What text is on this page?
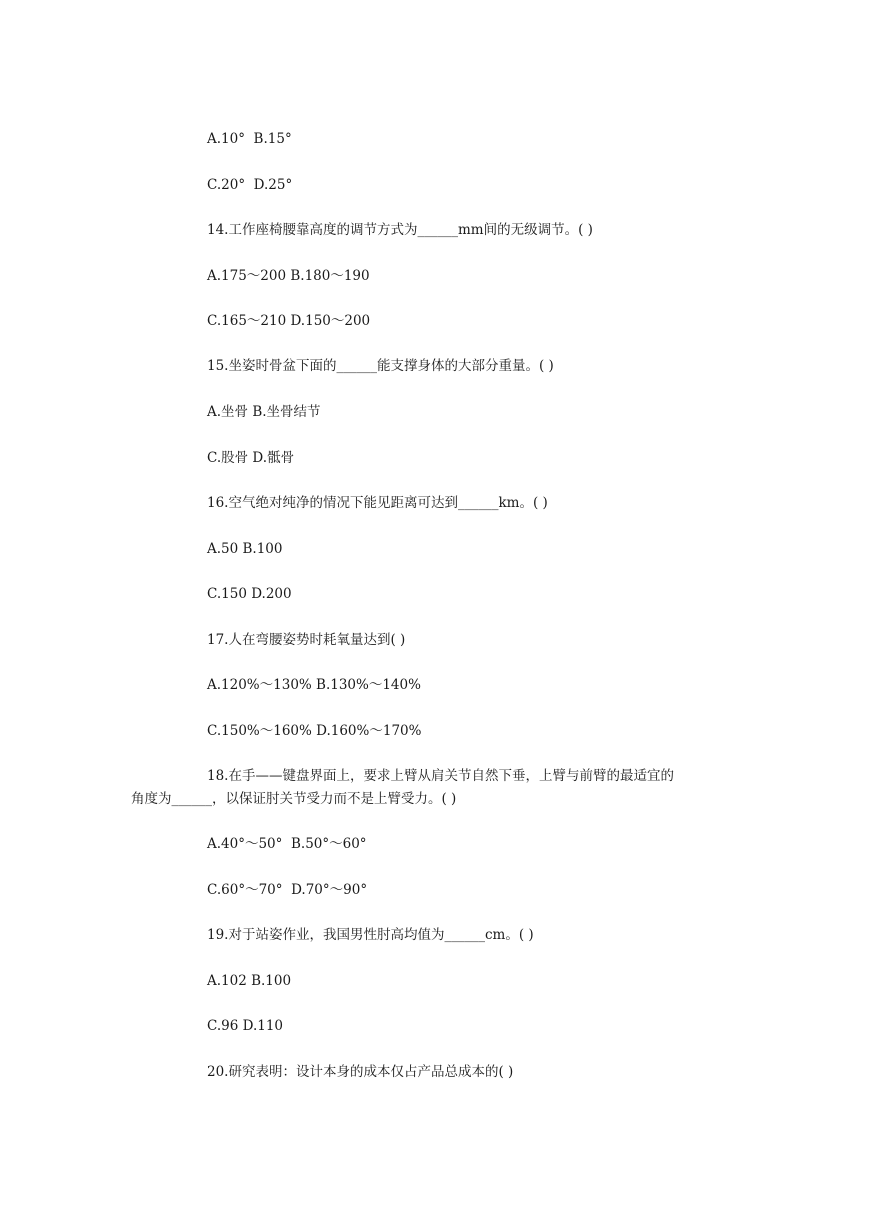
A.10°  B.15°
C.20°  D.25°
14.工作座椅腰靠高度的调节方式为______mm间的无级调节。( )
A.175～200 B.180～190
C.165～210 D.150～200
15.坐姿时骨盆下面的______能支撑身体的大部分重量。( )
A.坐骨 B.坐骨结节
C.股骨 D.骶骨
16.空气绝对纯净的情况下能见距离可达到______km。( )
A.50 B.100
C.150 D.200
17.人在弯腰姿势时耗氧量达到( )
A.120%～130% B.130%～140%
C.150%～160% D.160%～170%
18.在手——键盘界面上，要求上臂从肩关节自然下垂，上臂与前臂的最适宜的
角度为______，以保证肘关节受力而不是上臂受力。( )
A.40°～50°  B.50°～60°
C.60°～70°  D.70°～90°
19.对于站姿作业，我国男性肘高均值为______cm。( )
A.102 B.100
C.96 D.110
20.研究表明：设计本身的成本仅占产品总成本的( )
